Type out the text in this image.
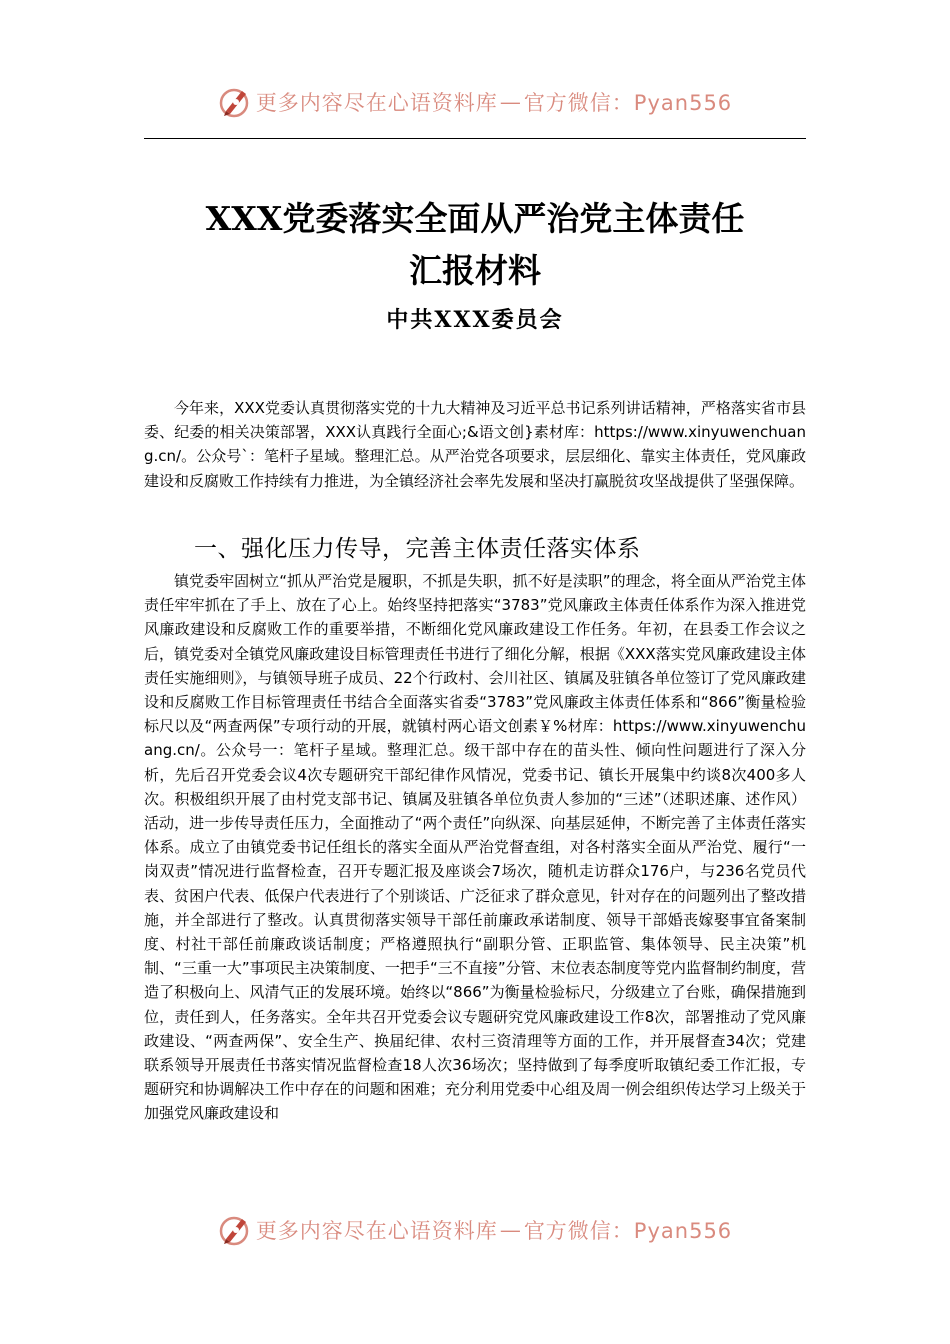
更多内容尽在心语资料库 — 官方微信：Pyan556
XXX党委落实全面从严治党主体责任
汇报材料

中共XXX委员会

今年来，XXX党委认真贯彻落实党的十九大精神及习近平总书记系列讲话精神，严格落实省市县委、纪委的相关决策部署，XXX认真践行全面心;&语文创}素材库：https://www.xinyuwenchuang.cn/。公众号`：笔杆子星域。整理汇总。从严治党各项要求，层层细化、靠实主体责任，党风廉政建设和反腐败工作持续有力推进，为全镇经济社会率先发展和坚决打赢脱贫攻坚战提供了坚强保障。

一、强化压力传导，完善主体责任落实体系

镇党委牢固树立“抓从严治党是履职，不抓是失职，抓不好是渎职”的理念，将全面从严治党主体责任牢牢抓在了手上、放在了心上。始终坚持把落实“3783”党风廉政主体责任体系作为深入推进党风廉政建设和反腐败工作的重要举措，不断细化党风廉政建设工作任务。年初，在县委工作会议之后，镇党委对全镇党风廉政建设目标管理责任书进行了细化分解，根据《XXX落实党风廉政建设主体责任实施细则》，与镇领导班子成员、22个行政村、会川社区、镇属及驻镇各单位签订了党风廉政建设和反腐败工作目标管理责任书结合全面落实省委“3783”党风廉政主体责任体系和“866”衡量检验标尺以及“两查两保”专项行动的开展，就镇村两心语文创素￥%材库：https://www.xinyuwenchuang.cn/。公众号一：笔杆子星域。整理汇总。级干部中存在的苗头性、倾向性问题进行了深入分析，先后召开党委会议4次专题研究干部纪律作风情况，党委书记、镇长开展集中约谈8次400多人次。积极组织开展了由村党支部书记、镇属及驻镇各单位负责人参加的“三述”（述职述廉、述作风）活动，进一步传导责任压力，全面推动了“两个责任”向纵深、向基层延伸，不断完善了主体责任落实体系。成立了由镇党委书记任组长的落实全面从严治党督查组，对各村落实全面从严治党、履行“一岗双责”情况进行监督检查，召开专题汇报及座谈会7场次，随机走访群众176户，与236名党员代表、贫困户代表、低保户代表进行了个别谈话、广泛征求了群众意见，针对存在的问题列出了整改措施，并全部进行了整改。认真贯彻落实领导干部任前廉政承诺制度、领导干部婚丧嫁娶事宜备案制度、村社干部任前廉政谈话制度；严格遵照执行“副职分管、正职监管、集体领导、民主决策”机制、“三重一大”事项民主决策制度、一把手“三不直接”分管、末位表态制度等党内监督制约制度，营造了积极向上、风清气正的发展环境。始终以“866”为衡量检验标尺，分级建立了台账，确保措施到位，责任到人，任务落实。全年共召开党委会议专题研究党风廉政建设工作8次，部署推动了党风廉政建设、“两查两保”、安全生产、换届纪律、农村三资清理等方面的工作，并开展督查34次；党建联系领导开展责任书落实情况监督检查18人次36场次；坚持做到了每季度听取镇纪委工作汇报，专题研究和协调解决工作中存在的问题和困难；充分利用党委中心组及周一例会组织传达学习上级关于加强党风廉政建设和

更多内容尽在心语资料库 — 官方微信：Pyan556
